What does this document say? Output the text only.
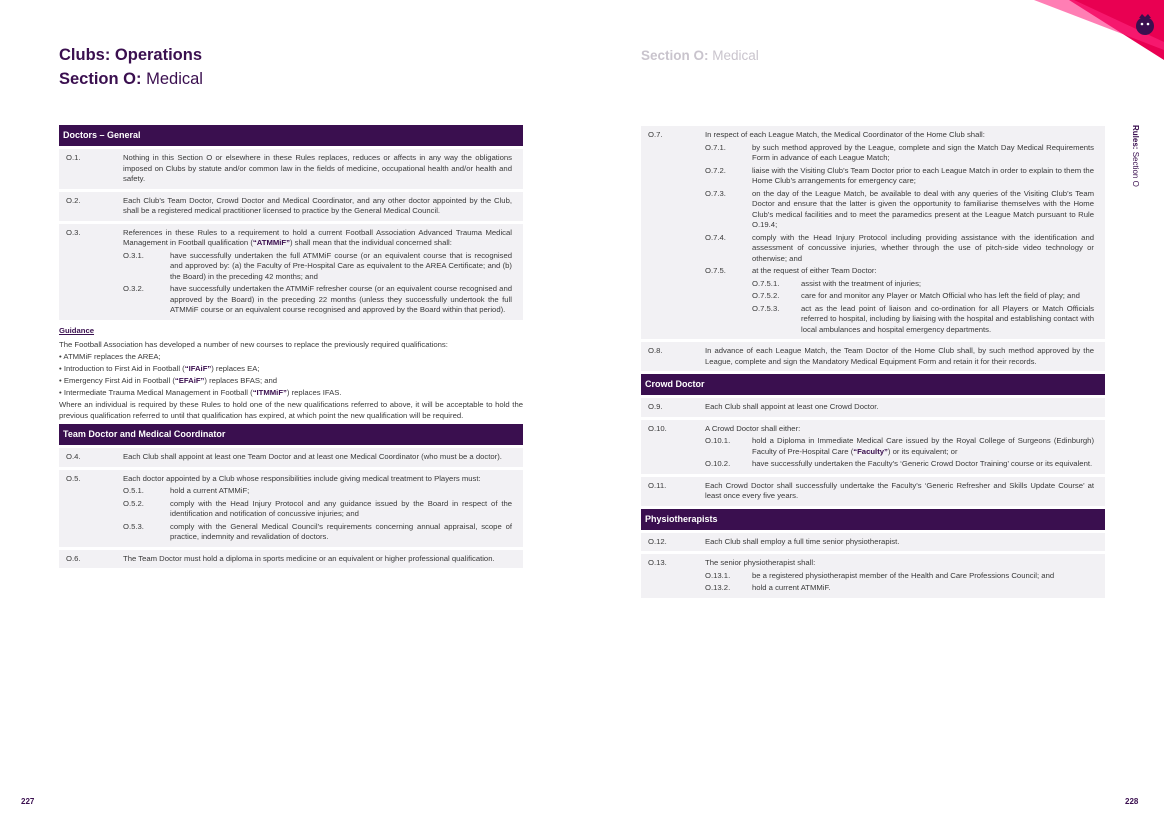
Clubs: Operations
Section O: Medical
Section O: Medical
Rules: Section O
227	228
Doctors – General
O.1.	Nothing in this Section O or elsewhere in these Rules replaces, reduces or affects in any way the obligations imposed on Clubs by statute and/or common law in the fields of medicine, occupational health and/or health and safety.
O.2.	Each Club’s Team Doctor, Crowd Doctor and Medical Coordinator, and any other doctor appointed by the Club, shall be a registered medical practitioner licensed to practice by the General Medical Council.
O.3.	References in these Rules to a requirement to hold a current Football Association Advanced Trauma Medical Management in Football qualification (“ATMMiF”) shall mean that the individual concerned shall:
O.3.1.	have successfully undertaken the full ATMMiF course (or an equivalent course that is recognised and approved by: (a) the Faculty of Pre-Hospital Care as equivalent to the AREA Certificate; and (b) the Board) in the preceding 42 months; and
O.3.2.	have successfully undertaken the ATMMiF refresher course (or an equivalent course recognised and approved by the Board) in the preceding 22 months (unless they successfully undertook the full ATMMiF course or an equivalent course recognised and approved by the Board within that period).
Guidance
The Football Association has developed a number of new courses to replace the previously required qualifications:
• ATMMiF replaces the AREA;
• Introduction to First Aid in Football (“IFAiF”) replaces EA;
• Emergency First Aid in Football (“EFAiF”) replaces BFAS; and
• Intermediate Trauma Medical Management in Football (“ITMMiF”) replaces IFAS.
Where an individual is required by these Rules to hold one of the new qualifications referred to above, it will be acceptable to hold the previous qualification referred to until that qualification has expired, at which point the new qualification will be required.
Team Doctor and Medical Coordinator
O.4.	Each Club shall appoint at least one Team Doctor and at least one Medical Coordinator (who must be a doctor).
O.5.	Each doctor appointed by a Club whose responsibilities include giving medical treatment to Players must:
O.5.1.	hold a current ATMMiF;
O.5.2.	comply with the Head Injury Protocol and any guidance issued by the Board in respect of the identification and notification of concussive injuries; and
O.5.3.	comply with the General Medical Council’s requirements concerning annual appraisal, scope of practice, indemnity and revalidation of doctors.
O.6.	The Team Doctor must hold a diploma in sports medicine or an equivalent or higher professional qualification.
O.7.	In respect of each League Match, the Medical Coordinator of the Home Club shall:
O.7.1.	by such method approved by the League, complete and sign the Match Day Medical Requirements Form in advance of each League Match;
O.7.2.	liaise with the Visiting Club’s Team Doctor prior to each League Match in order to explain to them the Home Club’s arrangements for emergency care;
O.7.3.	on the day of the League Match, be available to deal with any queries of the Visiting Club’s Team Doctor and ensure that the latter is given the opportunity to familiarise themselves with the Home Club’s medical facilities and to meet the paramedics present at the League Match pursuant to Rule O.19.4;
O.7.4.	comply with the Head Injury Protocol including providing assistance with the identification and assessment of concussive injuries, whether through the use of pitch-side video technology or otherwise; and
O.7.5.	at the request of either Team Doctor:
O.7.5.1.	assist with the treatment of injuries;
O.7.5.2.	care for and monitor any Player or Match Official who has left the field of play; and
O.7.5.3.	act as the lead point of liaison and co-ordination for all Players or Match Officials referred to hospital, including by liaising with the hospital and establishing contact with local ambulances and hospital emergency departments.
O.8.	In advance of each League Match, the Team Doctor of the Home Club shall, by such method approved by the League, complete and sign the Mandatory Medical Equipment Form and retain it for their records.
Crowd Doctor
O.9.	Each Club shall appoint at least one Crowd Doctor.
O.10.	A Crowd Doctor shall either:
O.10.1.	hold a Diploma in Immediate Medical Care issued by the Royal College of Surgeons (Edinburgh) Faculty of Pre-Hospital Care (“Faculty”) or its equivalent; or
O.10.2.	have successfully undertaken the Faculty’s ‘Generic Crowd Doctor Training’ course or its equivalent.
O.11.	Each Crowd Doctor shall successfully undertake the Faculty’s ‘Generic Refresher and Skills Update Course’ at least once every five years.
Physiotherapists
O.12.	Each Club shall employ a full time senior physiotherapist.
O.13.	The senior physiotherapist shall:
O.13.1.	be a registered physiotherapist member of the Health and Care Professions Council; and
O.13.2.	hold a current ATMMiF.
